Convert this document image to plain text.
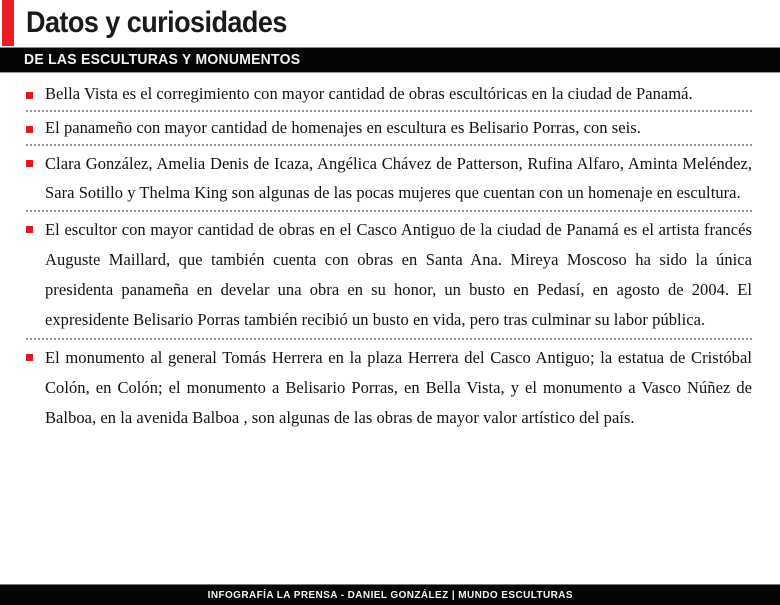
Datos y curiosidades
DE LAS ESCULTURAS Y MONUMENTOS

Bella Vista es el corregimiento con mayor cantidad de obras escultóricas en la ciudad de Panamá.

El panameño con mayor cantidad de homenajes en escultura es Belisario Porras, con seis.

Clara González, Amelia Denis de Icaza, Angélica Chávez de Patterson, Rufina Alfaro, Aminta Meléndez, Sara Sotillo y Thelma King son algunas de las pocas mujeres que cuentan con un homenaje en escultura.

El escultor con mayor cantidad de obras en el Casco Antiguo de la ciudad de Panamá es el artista francés Auguste Maillard, que también cuenta con obras en Santa Ana. Mireya Moscoso ha sido la única presidenta panameña en develar una obra en su honor, un busto en Pedasí, en agosto de 2004. El expresidente Belisario Porras también recibió un busto en vida, pero tras culminar su labor pública.

El monumento al general Tomás Herrera en la plaza Herrera del Casco Antiguo; la estatua de Cristóbal Colón, en Colón; el monumento a Belisario Porras, en Bella Vista, y el monumento a Vasco Núñez de Balboa, en la avenida Balboa , son algunas de las obras de mayor valor artístico del país.

INFOGRAFÍA LA PRENSA - DANIEL GONZÁLEZ | MUNDO ESCULTURAS
